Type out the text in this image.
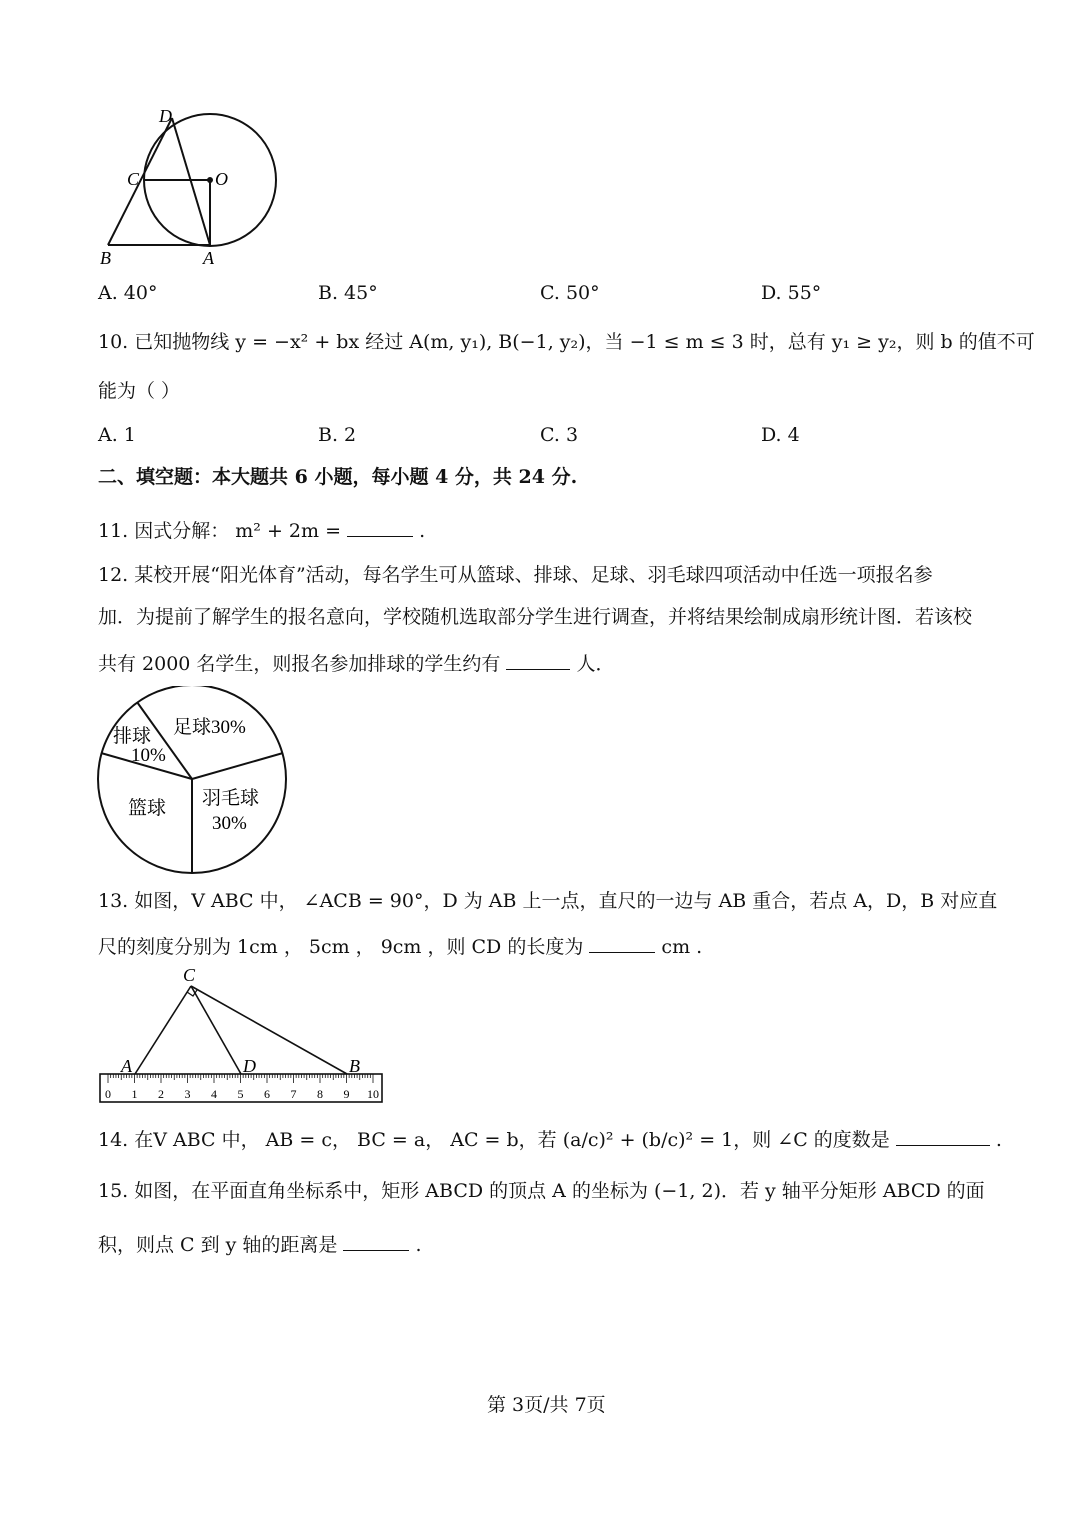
D
C	O
B	A
A. 40°	B. 45°	C. 50°	D. 55°
10. 已知抛物线 y = −x² + bx 经过 A(m, y₁), B(−1, y₂)，当 −1 ≤ m ≤ 3 时，总有 y₁ ≥ y₂，则 b 的值不可
能为（ ）
A. 1	B. 2	C. 3	D. 4
二、填空题：本大题共 6 小题，每小题 4 分，共 24 分.
11. 因式分解： m² + 2m =	.
12. 某校开展“阳光体育”活动，每名学生可从篮球、排球、足球、羽毛球四项活动中任选一项报名参
加．为提前了解学生的报名意向，学校随机选取部分学生进行调查，并将结果绘制成扇形统计图．若该校
共有 2000 名学生，则报名参加排球的学生约有	人．
足球30%
排球
10%
篮球 羽毛球
30%
13. 如图，V ABC 中， ∠ACB = 90°，D 为 AB 上一点，直尺的一边与 AB 重合，若点 A，D，B 对应直
尺的刻度分别为 1cm ， 5cm ， 9cm ，则 CD 的长度为	cm .
C
A	D	B
0 1 2 3 4 5 6 7 8 9 10
14. 在V ABC 中， AB = c， BC = a， AC = b，若 (a/c)² + (b/c)² = 1，则 ∠C 的度数是	.
15. 如图，在平面直角坐标系中，矩形 ABCD 的顶点 A 的坐标为 (−1, 2)．若 y 轴平分矩形 ABCD 的面
积，则点 C 到 y 轴的距离是	.
第 3页/共 7页
